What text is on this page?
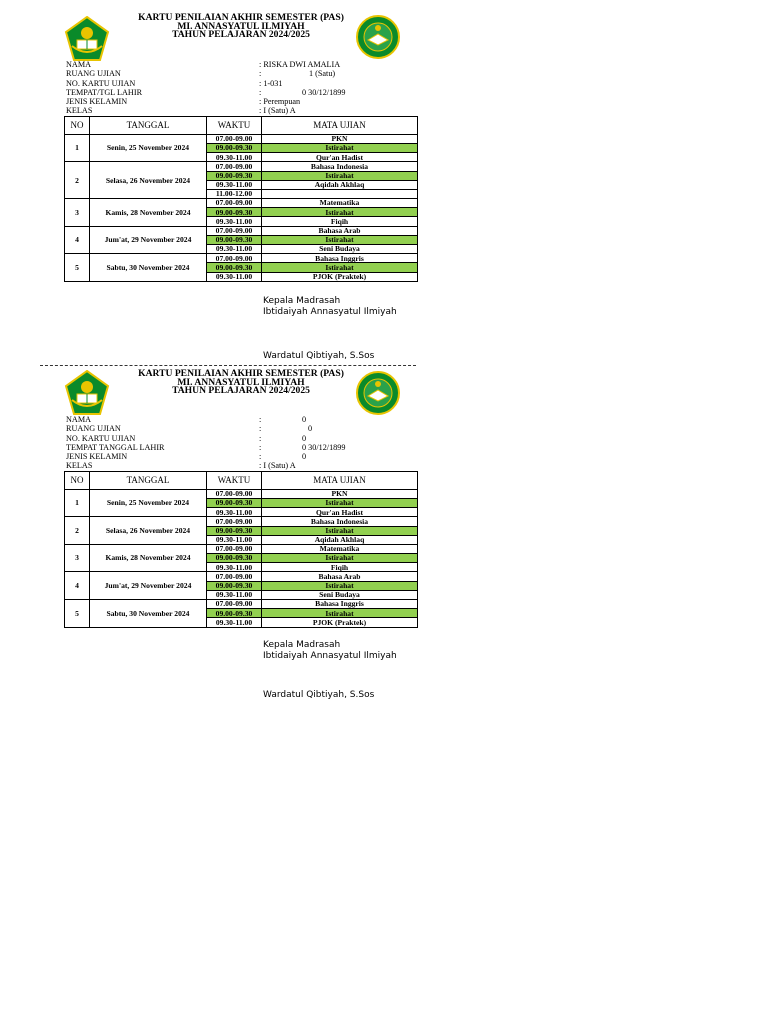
KARTU PENILAIAN AKHIR SEMESTER (PAS)
MI. ANNASYATUL ILMIYAH
TAHUN PELAJARAN 2024/2025
NAMA	: RISKA DWI AMALIA
RUANG UJIAN	:	1 (Satu)
NO. KARTU UJIAN	: 1-031
TEMPAT/TGL LAHIR	:	0 30/12/1899
JENIS KELAMIN	: Perempuan
KELAS	: I (Satu) A
NO	TANGGAL	WAKTU	MATA UJIAN
1	Senin, 25 November 2024	07.00-09.00	PKN
		09.00-09.30	Istirahat
		09.30-11.00	Qur'an Hadist
2	Selasa, 26 November 2024	07.00-09.00	Bahasa Indonesia
		09.00-09.30	Istirahat
		09.30-11.00	Aqidah Akhlaq
		11.00-12.00	
3	Kamis, 28 November 2024	07.00-09.00	Matematika
		09.00-09.30	Istirahat
		09.30-11.00	Fiqih
4	Jum'at, 29 November 2024	07.00-09.00	Bahasa Arab
		09.00-09.30	Istirahat
		09.30-11.00	Seni Budaya
5	Sabtu, 30 November 2024	07.00-09.00	Bahasa Inggris
		09.00-09.30	Istirahat
		09.30-11.00	PJOK (Praktek)
Kepala Madrasah
Ibtidaiyah Annasyatul Ilmiyah
Wardatul Qibtiyah, S.Sos
KARTU PENILAIAN AKHIR SEMESTER (PAS)
MI. ANNASYATUL ILMIYAH
TAHUN PELAJARAN 2024/2025
NAMA	:	0
RUANG UJIAN	:	0
NO. KARTU UJIAN	:	0
TEMPAT TANGGAL LAHIR	:	0 30/12/1899
JENIS KELAMIN	:	0
KELAS	: I (Satu) A
NO	TANGGAL	WAKTU	MATA UJIAN
1	Senin, 25 November 2024	07.00-09.00	PKN
		09.00-09.30	Istirahat
		09.30-11.00	Qur'an Hadist
2	Selasa, 26 November 2024	07.00-09.00	Bahasa Indonesia
		09.00-09.30	Istirahat
		09.30-11.00	Aqidah Akhlaq
3	Kamis, 28 November 2024	07.00-09.00	Matematika
		09.00-09.30	Istirahat
		09.30-11.00	Fiqih
4	Jum'at, 29 November 2024	07.00-09.00	Bahasa Arab
		09.00-09.30	Istirahat
		09.30-11.00	Seni Budaya
5	Sabtu, 30 November 2024	07.00-09.00	Bahasa Inggris
		09.00-09.30	Istirahat
		09.30-11.00	PJOK (Praktek)
Kepala Madrasah
Ibtidaiyah Annasyatul Ilmiyah
Wardatul Qibtiyah, S.Sos
